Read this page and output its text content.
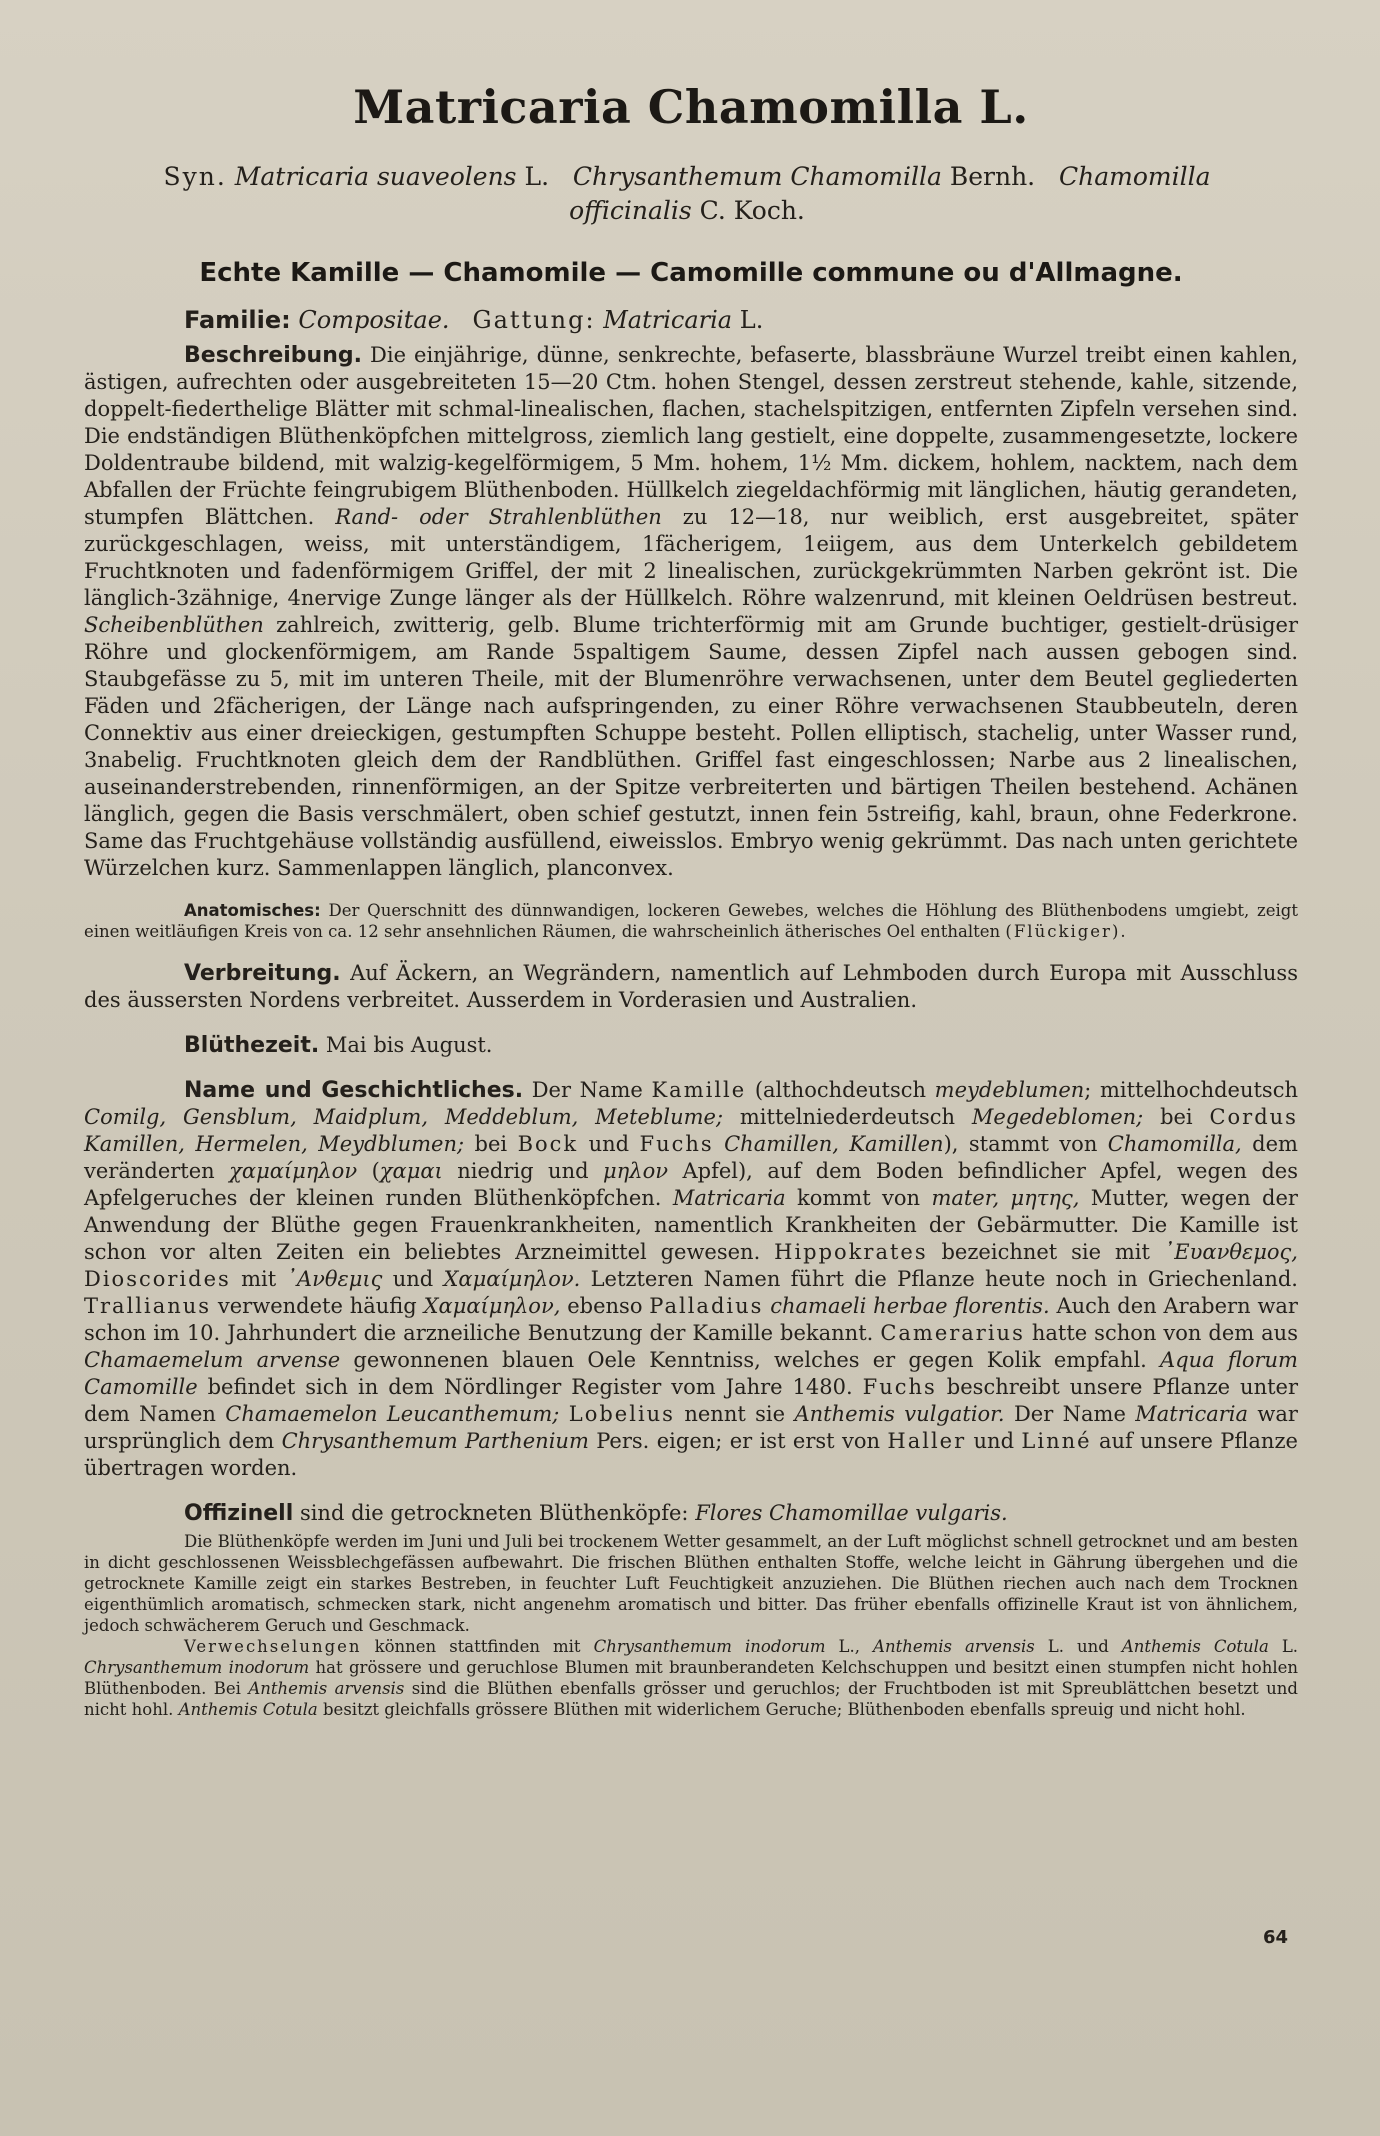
Matricaria Chamomilla L.
Syn. Matricaria suaveolens L. Chrysanthemum Chamomilla Bernh. Chamomilla officinalis C. Koch.
Echte Kamille — Chamomile — Camomille commune ou d'Allmagne.
Familie: Compositae. Gattung: Matricaria L.
Beschreibung. Die einjährige, dünne, senkrechte, befaserte, blassbräune Wurzel treibt einen kahlen, ästigen, aufrechten oder ausgebreiteten 15—20 Ctm. hohen Stengel, dessen zerstreut stehende, kahle, sitzende, doppelt-fiederthelige Blätter mit schmal-linealischen, flachen, stachelspitzigen, entfernten Zipfeln versehen sind. Die endständigen Blüthenköpfchen mittelgross, ziemlich lang gestielt, eine doppelte, zusammengesetzte, lockere Doldentraube bildend, mit walzig-kegelförmigem, 5 Mm. hohem, 1½ Mm. dickem, hohlem, nacktem, nach dem Abfallen der Früchte feingrubigem Blüthenboden. Hüllkelch ziegeldachförmig mit länglichen, häutig gerandeten, stumpfen Blättchen. Rand- oder Strahlenblüthen zu 12—18, nur weiblich, erst ausgebreitet, später zurückgeschlagen, weiss, mit unterständigem, 1fächerigem, 1eiigem, aus dem Unterkelch gebildetem Fruchtknoten und fadenförmigem Griffel, der mit 2 linealischen, zurückgekrümmten Narben gekrönt ist. Die länglich-3zähnige, 4nervige Zunge länger als der Hüllkelch. Röhre walzenrund, mit kleinen Oeldrüsen bestreut. Scheibenblüthen zahlreich, zwitterig, gelb. Blume trichterförmig mit am Grunde buchtiger, gestielt-drüsiger Röhre und glockenförmigem, am Rande 5spaltigem Saume, dessen Zipfel nach aussen gebogen sind. Staubgefässe zu 5, mit im unteren Theile, mit der Blumenröhre verwachsenen, unter dem Beutel gegliederten Fäden und 2fächerigen, der Länge nach aufspringenden, zu einer Röhre verwachsenen Staubbeuteln, deren Connektiv aus einer dreieckigen, gestumpften Schuppe besteht. Pollen elliptisch, stachelig, unter Wasser rund, 3nabelig. Fruchtknoten gleich dem der Randblüthen. Griffel fast eingeschlossen; Narbe aus 2 linealischen, auseinanderstrebenden, rinnenförmigen, an der Spitze verbreiterten und bärtigen Theilen bestehend. Achänen länglich, gegen die Basis verschmälert, oben schief gestutzt, innen fein 5streifig, kahl, braun, ohne Federkrone. Same das Fruchtgehäuse vollständig ausfüllend, eiweisslos. Embryo wenig gekrümmt. Das nach unten gerichtete Würzelchen kurz. Sammenlappen länglich, planconvex.
Anatomisches: Der Querschnitt des dünnwandigen, lockeren Gewebes, welches die Höhlung des Blüthenbodens umgiebt, zeigt einen weitläufigen Kreis von ca. 12 sehr ansehnlichen Räumen, die wahrscheinlich ätherisches Oel enthalten (Flückiger).
Verbreitung. Auf Äckern, an Wegrändern, namentlich auf Lehmboden durch Europa mit Ausschluss des äussersten Nordens verbreitet. Ausserdem in Vorderasien und Australien.
Blüthezeit. Mai bis August.
Name und Geschichtliches. Der Name Kamille (althochdeutsch meydeblumen; mittelhochdeutsch Comilg, Gensblum, Maidplum, Meddeblum, Meteblume; mittelniederdeutsch Megedeblomen; bei Cordus Kamillen, Hermelen, Meydblumen; bei Bock und Fuchs Chamillen, Kamillen), stammt von Chamomilla, dem veränderten χαμαίμηλον (χαμαι niedrig und μηλον Apfel), auf dem Boden befindlicher Apfel, wegen des Apfelgeruches der kleinen runden Blüthenköpfchen. Matricaria kommt von mater, μητης, Mutter, wegen der Anwendung der Blüthe gegen Frauenkrankheiten, namentlich Krankheiten der Gebärmutter. Die Kamille ist schon vor alten Zeiten ein beliebtes Arzneimittel gewesen. Hippokrates bezeichnet sie mit ᾽Ευανθεμος, Dioscorides mit ᾽Ανθεμις und Χαμαίμηλον. Letzteren Namen führt die Pflanze heute noch in Griechenland. Trallianus verwendete häufig Χαμαίμηλον, ebenso Palladius chamaeli herbae florentis. Auch den Arabern war schon im 10. Jahrhundert die arzneiliche Benutzung der Kamille bekannt. Camerarius hatte schon von dem aus Chamaemelum arvense gewonnenen blauen Oele Kenntniss, welches er gegen Kolik empfahl. Aqua florum Camomille befindet sich in dem Nördlinger Register vom Jahre 1480. Fuchs beschreibt unsere Pflanze unter dem Namen Chamaemelon Leucanthemum; Lobelius nennt sie Anthemis vulgatior. Der Name Matricaria war ursprünglich dem Chrysanthemum Parthenium Pers. eigen; er ist erst von Haller und Linné auf unsere Pflanze übertragen worden.
Offizinell sind die getrockneten Blüthenköpfe: Flores Chamomillae vulgaris.
Die Blüthenköpfe werden im Juni und Juli bei trockenem Wetter gesammelt, an der Luft möglichst schnell getrocknet und am besten in dicht geschlossenen Weissblechgefässen aufbewahrt. Die frischen Blüthen enthalten Stoffe, welche leicht in Gährung übergehen und die getrocknete Kamille zeigt ein starkes Bestreben, in feuchter Luft Feuchtigkeit anzuziehen. Die Blüthen riechen auch nach dem Trocknen eigenthümlich aromatisch, schmecken stark, nicht angenehm aromatisch und bitter. Das früher ebenfalls offizinelle Kraut ist von ähnlichem, jedoch schwächerem Geruch und Geschmack.
Verwechselungen können stattfinden mit Chrysanthemum inodorum L., Anthemis arvensis L. und Anthemis Cotula L. Chrysanthemum inodorum hat grössere und geruchlose Blumen mit braunberandeten Kelchschuppen und besitzt einen stumpfen nicht hohlen Blüthenboden. Bei Anthemis arvensis sind die Blüthen ebenfalls grösser und geruchlos; der Fruchtboden ist mit Spreublättchen besetzt und nicht hohl. Anthemis Cotula besitzt gleichfalls grössere Blüthen mit widerlichem Geruche; Blüthenboden ebenfalls spreuig und nicht hohl.
64
